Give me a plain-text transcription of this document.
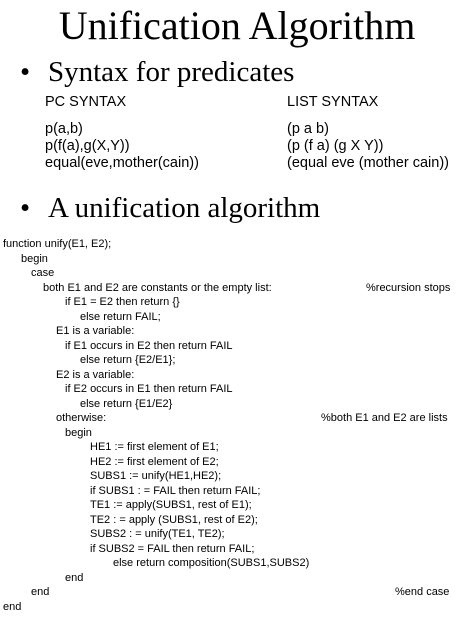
Unification Algorithm
• Syntax for predicates
PC SYNTAX	LIST SYNTAX
p(a,b)
p(f(a),g(X,Y))
equal(eve,mother(cain))
(p a b)
(p (f a) (g X Y))
(equal eve (mother cain))
• A unification algorithm
function unify(E1, E2);
begin
case
both E1 and E2 are constants or the empty list:
if E1 = E2 then return {}
else return FAIL;
E1 is a variable:
if E1 occurs in E2 then return FAIL
else return {E2/E1};
E2 is a variable:
if E2 occurs in E1 then return FAIL
else return {E1/E2}
otherwise:
begin
HE1 := first element of E1;
HE2 := first element of E2;
SUBS1 := unify(HE1,HE2);
if SUBS1 : = FAIL then return FAIL;
TE1 := apply(SUBS1, rest of E1);
TE2 : = apply (SUBS1, rest of E2);
SUBS2 : = unify(TE1, TE2);
if SUBS2 = FAIL then return FAIL;
else return composition(SUBS1,SUBS2)
end
end
end
%recursion stops
%both E1 and E2 are lists
%end case
